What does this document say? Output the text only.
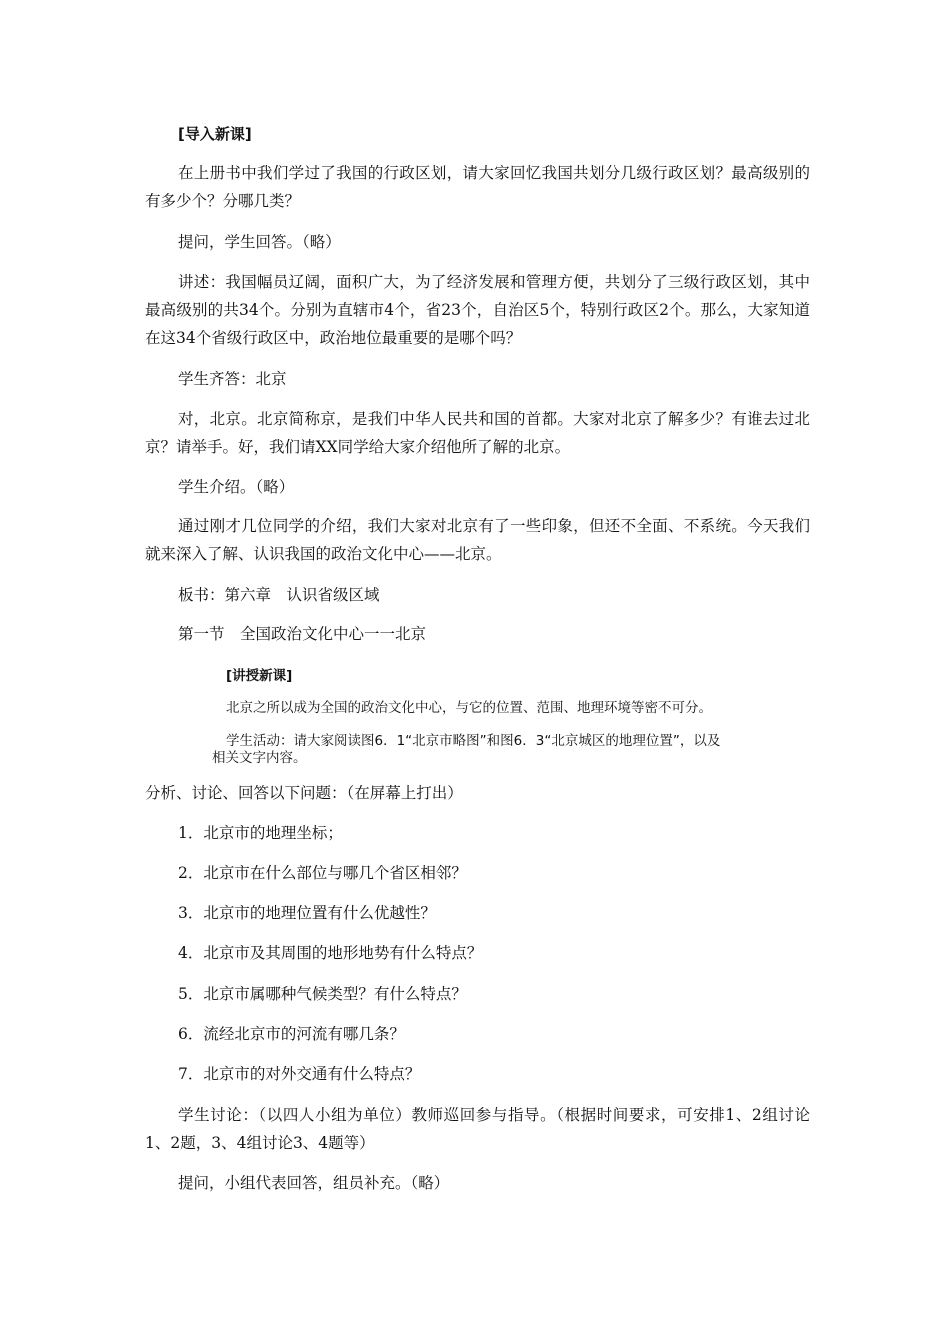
[导入新课]
在上册书中我们学过了我国的行政区划，请大家回忆我国共划分几级行政区划？最高级别的有多少个？分哪几类？
提问，学生回答。（略）
讲述：我国幅员辽阔，面积广大，为了经济发展和管理方便，共划分了三级行政区划，其中最高级别的共34个。分别为直辖市4个，省23个，自治区5个，特别行政区2个。那么，大家知道在这34个省级行政区中，政治地位最重要的是哪个吗？
学生齐答：北京
对，北京。北京简称京，是我们中华人民共和国的首都。大家对北京了解多少？有谁去过北京？请举手。好，我们请XX同学给大家介绍他所了解的北京。
学生介绍。（略）
通过刚才几位同学的介绍，我们大家对北京有了一些印象，但还不全面、不系统。今天我们就来深入了解、认识我国的政治文化中心——北京。
板书：第六章　认识省级区域
第一节　全国政治文化中心一一北京
[讲授新课]
北京之所以成为全国的政治文化中心，与它的位置、范围、地理环境等密不可分。
学生活动：请大家阅读图6．1“北京市略图”和图6．3“北京城区的地理位置”，以及
相关文字内容。
分析、讨论、回答以下问题：（在屏幕上打出）
1．北京市的地理坐标；
2．北京市在什么部位与哪几个省区相邻？
3．北京市的地理位置有什么优越性？
4．北京市及其周围的地形地势有什么特点？
5．北京市属哪种气候类型？有什么特点？
6．流经北京市的河流有哪几条？
7．北京市的对外交通有什么特点？
学生讨论：（以四人小组为单位）教师巡回参与指导。（根据时间要求，可安排1、2组讨论1、2题，3、4组讨论3、4题等）
提问，小组代表回答，组员补充。（略）
